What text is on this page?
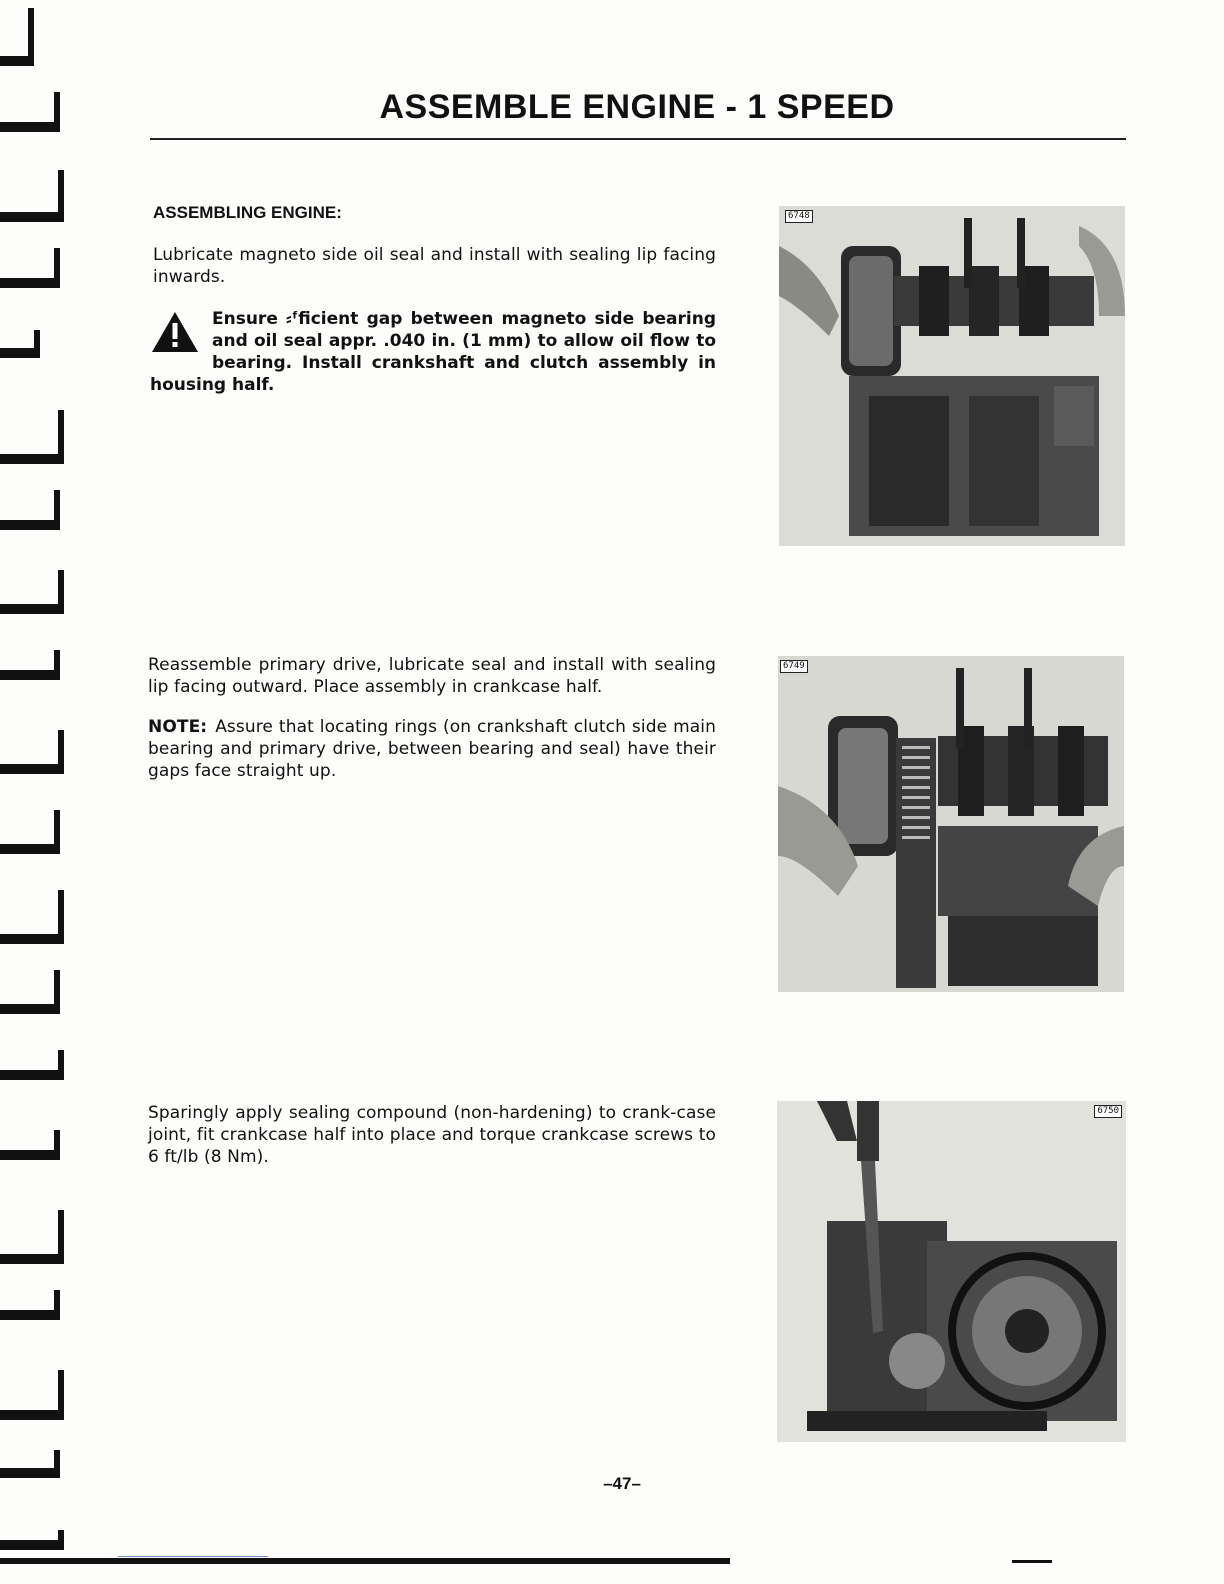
ASSEMBLE ENGINE - 1 SPEED
ASSEMBLING ENGINE:

Lubricate magneto side oil seal and install with sealing lip facing inwards.

Ensure ⸗ᶠficient gap between magneto side bearing and oil seal appr. .040 in. (1 mm) to allow oil flow to bearing. Install crankshaft and clutch assembly in housing half.
6748

Reassemble primary drive, lubricate seal and install with sealing lip facing outward. Place assembly in crankcase half.

NOTE: Assure that locating rings (on crankshaft clutch side main bearing and primary drive, between bearing and seal) have their gaps face straight up.

6749

Sparingly apply sealing compound (non-hardening) to crank-case joint, fit crankcase half into place and torque crankcase screws to 6 ft/lb (8 Nm).

6750
–47–
